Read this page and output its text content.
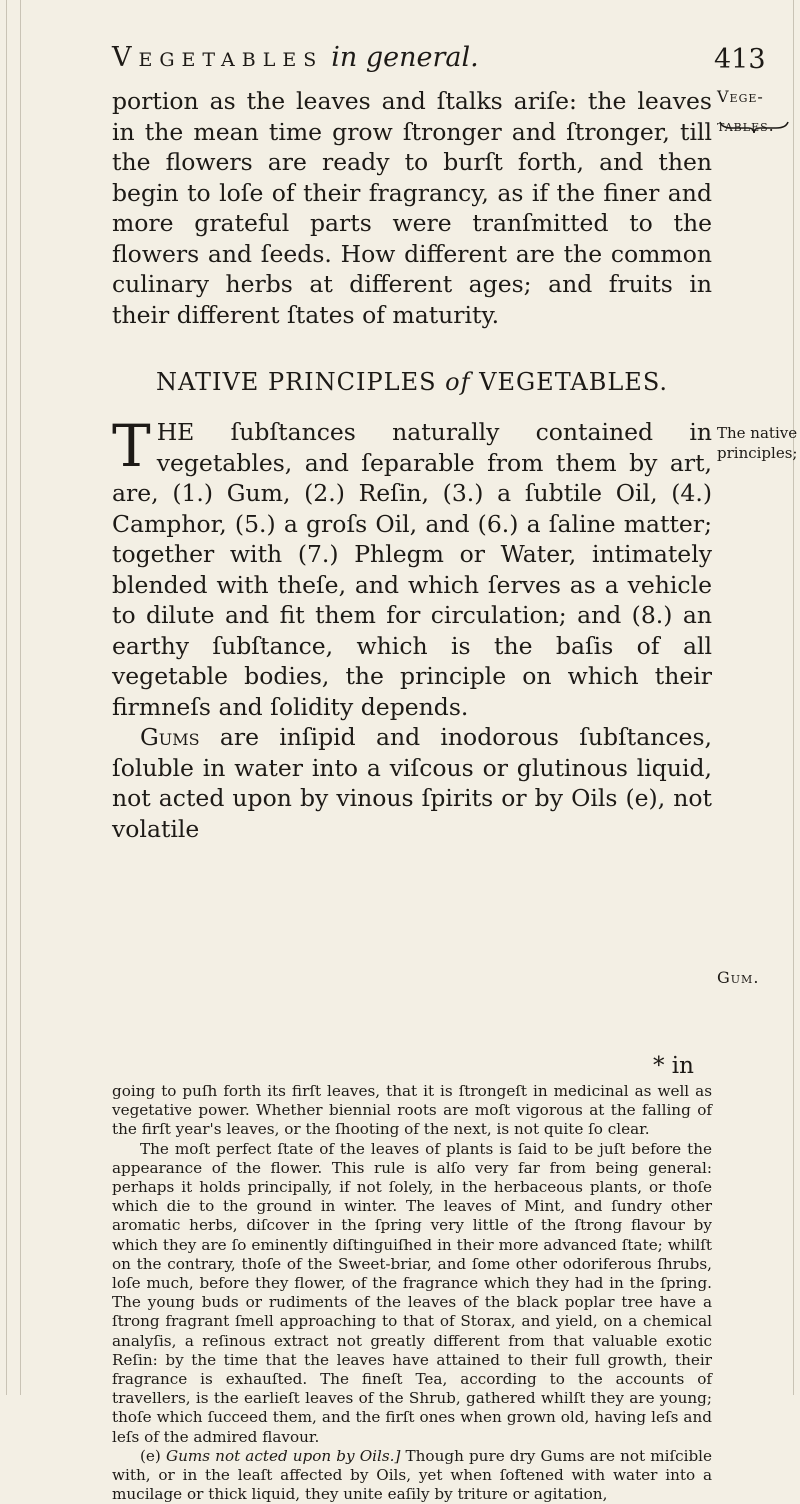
Vegetables in general.	413

portion as the leaves and ſtalks ariſe: the leaves in the mean time grow ſtronger and ſtronger, till the flowers are ready to burſt forth, and then begin to loſe of their fragrancy, as if the finer and more grateful parts were tranſmitted to the flowers and ſeeds. How different are the common culinary herbs at different ages; and fruits in their different ſtates of maturity.

Vege-
tables.
NATIVE PRINCIPLES of VEGETABLES.

THE ſubſtances naturally contained in vegetables, and ſeparable from them by art, are, (1.) Gum, (2.) Reſin, (3.) a ſubtile Oil, (4.) Camphor, (5.) a groſs Oil, and (6.) a ſaline matter; together with (7.) Phlegm or Water, intimately blended with theſe, and which ſerves as a vehicle to dilute and fit them for circulation; and (8.) an earthy ſubſtance, which is the baſis of all vegetable bodies, the principle on which their firmneſs and ſolidity depends.

Gums are inſipid and inodorous ſubſtances, ſoluble in water into a viſcous or glutinous liquid, not acted upon by vinous ſpirits or by Oils (e), not volatile

The native
principles;
Gum.
* in

going to puſh forth its firſt leaves, that it is ſtrongeſt in medicinal as well as vegetative power. Whether biennial roots are moſt vigorous at the falling of the firſt year's leaves, or the ſhooting of the next, is not quite ſo clear.

The moſt perfect ſtate of the leaves of plants is ſaid to be juſt before the appearance of the flower. This rule is alſo very far from being general: perhaps it holds principally, if not ſolely, in the herbaceous plants, or thoſe which die to the ground in winter. The leaves of Mint, and ſundry other aromatic herbs, diſcover in the ſpring very little of the ſtrong flavour by which they are ſo eminently diſtinguiſhed in their more advanced ſtate; whilſt on the contrary, thoſe of the Sweet-briar, and ſome other odoriferous ſhrubs, loſe much, before they flower, of the fragrance which they had in the ſpring. The young buds or rudiments of the leaves of the black poplar tree have a ſtrong fragrant ſmell approaching to that of Storax, and yield, on a chemical analyſis, a reſinous extract not greatly different from that valuable exotic Reſin: by the time that the leaves have attained to their full growth, their fragrance is exhauſted. The fineſt Tea, according to the accounts of travellers, is the earlieſt leaves of the Shrub, gathered whilſt they are young; thoſe which ſucceed them, and the firſt ones when grown old, having leſs and leſs of the admired flavour.

(e) Gums not acted upon by Oils.] Though pure dry Gums are not miſcible with, or in the leaſt affected by Oils, yet when ſoftened with water into a mucilage or thick liquid, they unite eaſily by triture or agitation,
